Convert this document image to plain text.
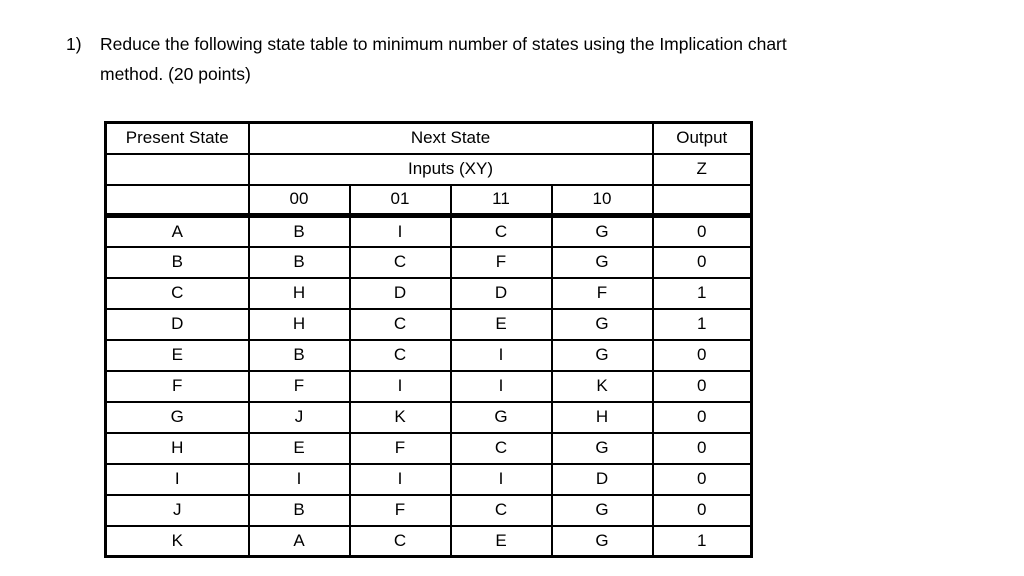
1)	Reduce the following state table to minimum number of states using the Implication chart
method. (20 points)
Present State	Next State				Output
	Inputs (XY)				Z
	00	01	11	10	
A	B	I	C	G	0
B	B	C	F	G	0
C	H	D	D	F	1
D	H	C	E	G	1
E	B	C	I	G	0
F	F	I	I	K	0
G	J	K	G	H	0
H	E	F	C	G	0
I	I	I	I	D	0
J	B	F	C	G	0
K	A	C	E	G	1
